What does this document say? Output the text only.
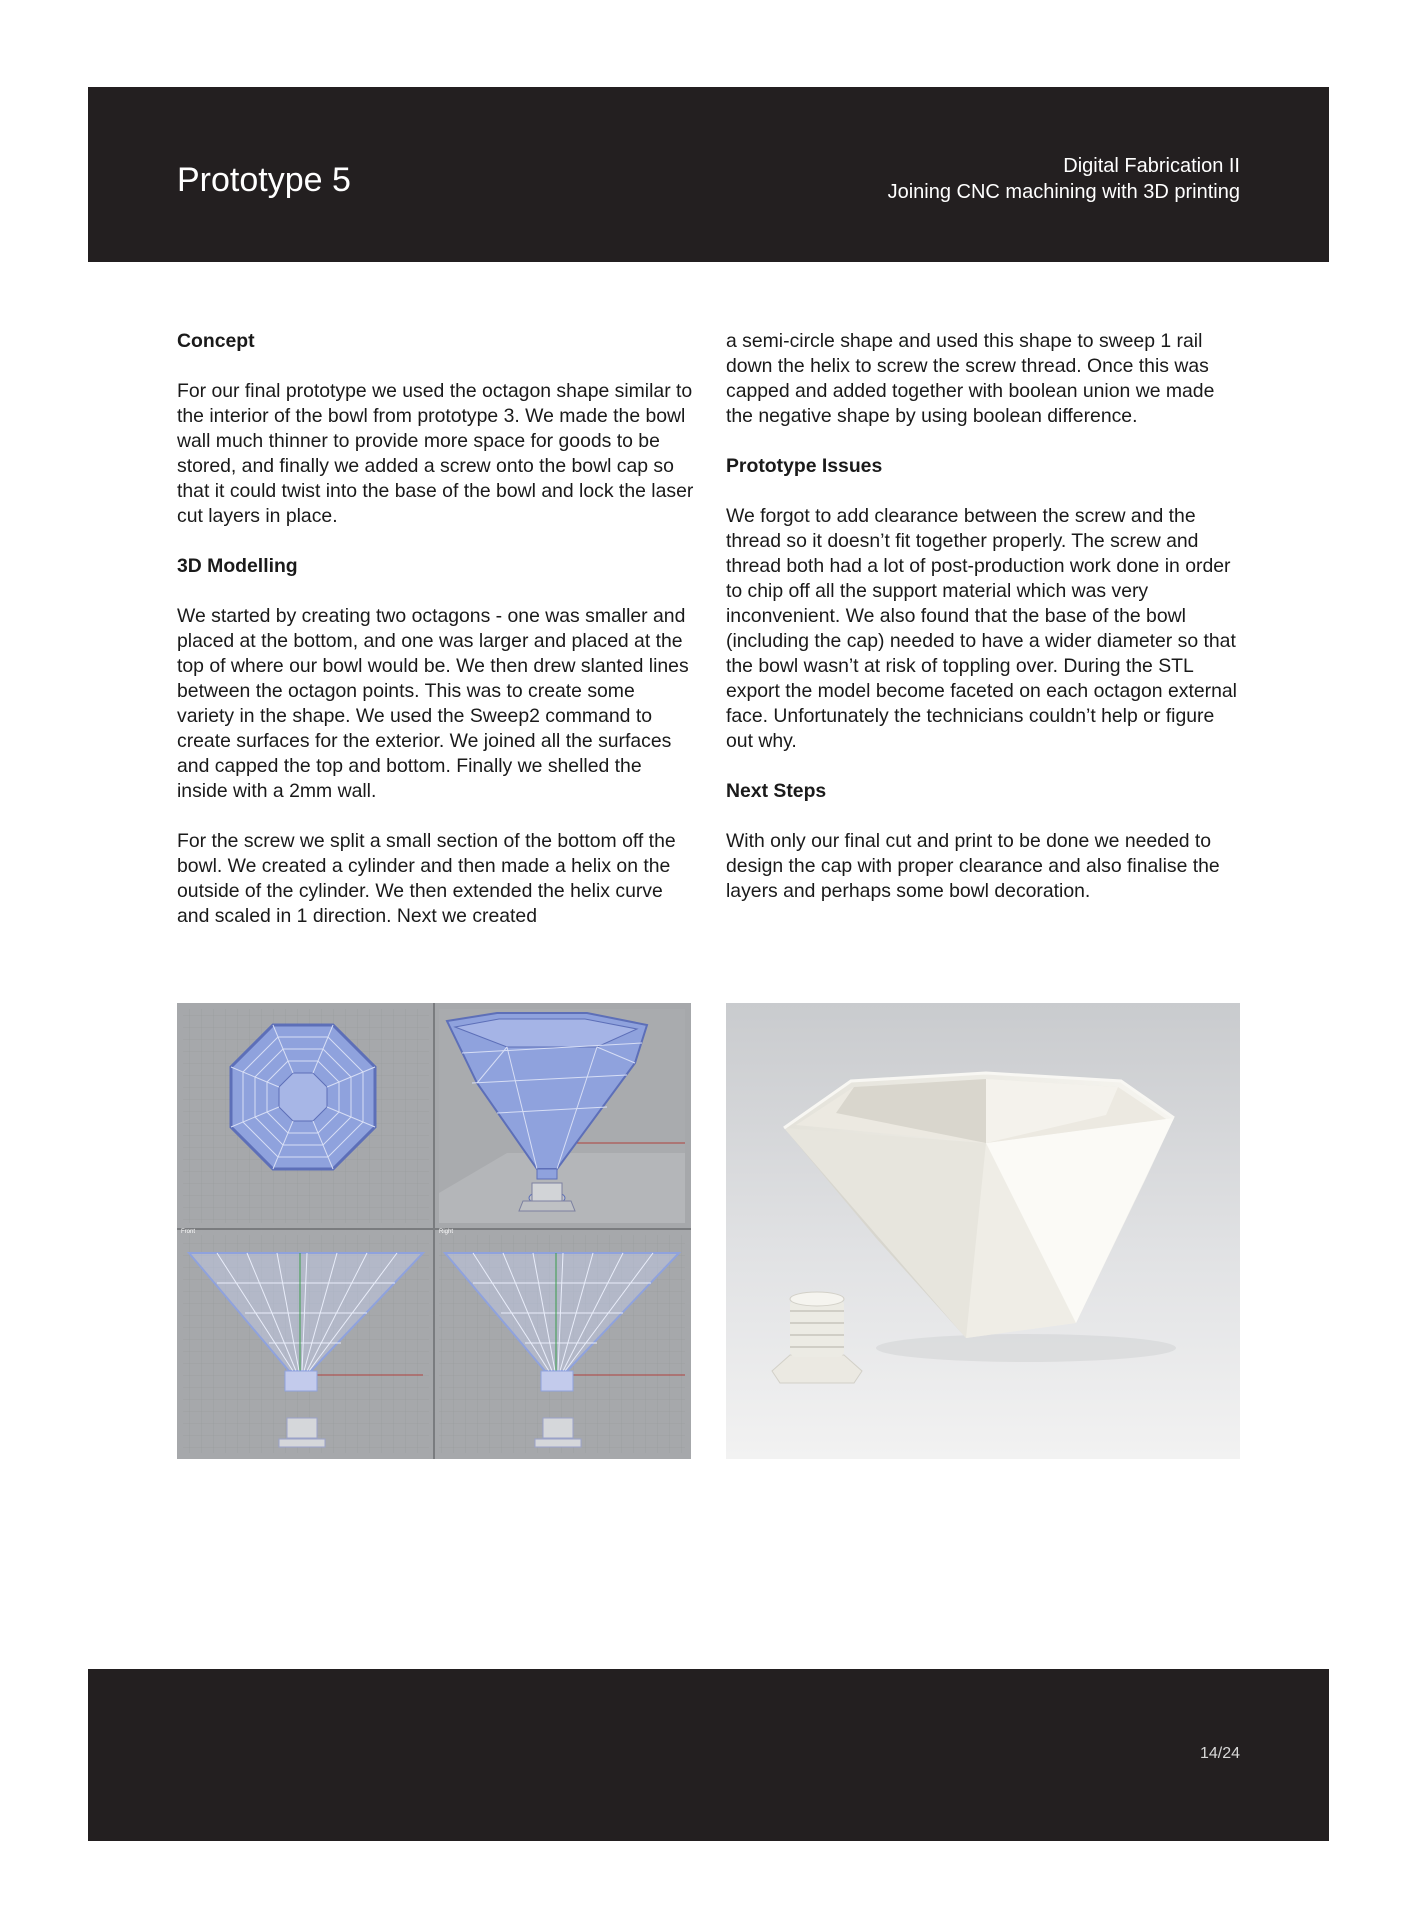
Prototype 5	Digital Fabrication II
Joining CNC machining with 3D printing
Concept

For our final prototype we used the octagon shape similar to the interior of the bowl from prototype 3. We made the bowl wall much thinner to provide more space for goods to be stored, and finally we added a screw onto the bowl cap so that it could twist into the base of the bowl and lock the laser cut layers in place.

3D Modelling

We started by creating two octagons - one was smaller and placed at the bottom, and one was larger and placed at the top of where our bowl would be. We then drew slanted lines between the octagon points. This was to create some variety in the shape. We used the Sweep2 command to create surfaces for the exterior. We joined all the surfaces and capped the top and bottom. Finally we shelled the inside with a 2mm wall.

For the screw we split a small section of the bottom off the bowl. We created a cylinder and then made a helix on the outside of the cylinder. We then extended the helix curve and scaled in 1 direction. Next we created

a semi-circle shape and used this shape to sweep 1 rail down the helix to screw the screw thread. Once this was capped and added together with boolean union we made the negative shape by using boolean difference.

Prototype Issues

We forgot to add clearance between the screw and the thread so it doesn’t fit together properly. The screw and thread both had a lot of post-production work done in order to chip off all the support material which was very inconvenient. We also found that the base of the bowl (including the cap) needed to have a wider diameter so that the bowl wasn’t at risk of toppling over. During the STL export the model become faceted on each octagon external face. Unfortunately the technicians couldn’t help or figure out why.

Next Steps

With only our final cut and print to be done we needed to design the cap with proper clearance and also finalise the layers and perhaps some bowl decoration.

Front	Right
14/24
